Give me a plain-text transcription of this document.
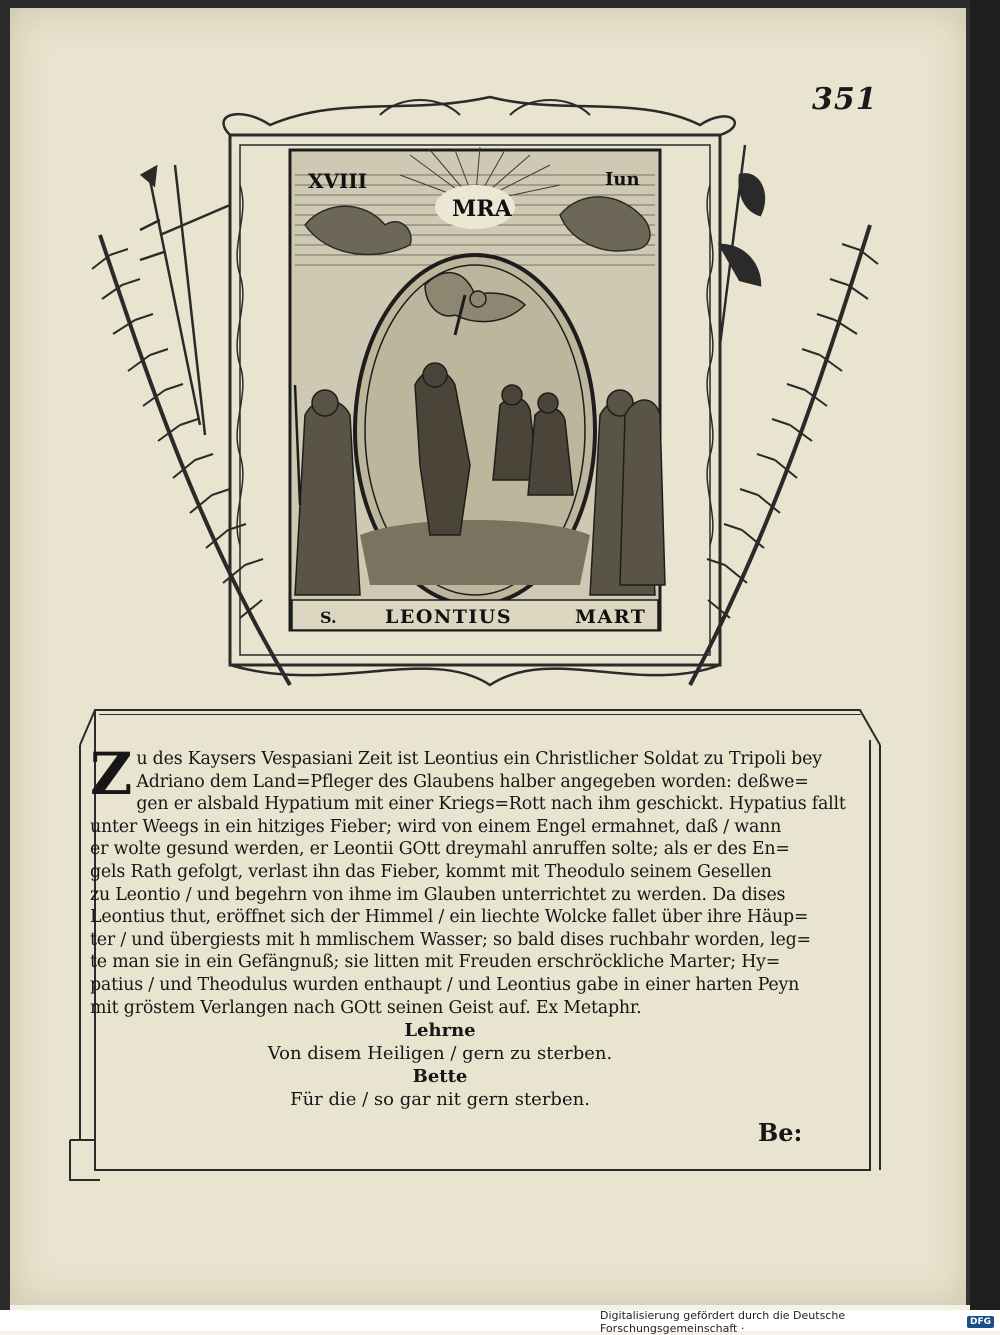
351
XVIII	Iun
MRA
S.	LEONTIUS	MART
Z u des Kaysers Vespasiani Zeit ist Leontius ein Christlicher Soldat zu Tripoli bey
Adriano dem Land=Pfleger des Glaubens halber angegeben worden: deßwe=
gen er alsbald Hypatium mit einer Kriegs=Rott nach ihm geschickt. Hypatius fallt
unter Weegs in ein hitziges Fieber; wird von einem Engel ermahnet, daß / wann
er wolte gesund werden, er Leontii GOtt dreymahl anruffen solte; als er des En=
gels Rath gefolgt, verlast ihn das Fieber, kommt mit Theodulo seinem Gesellen
zu Leontio / und begehrn von ihme im Glauben unterrichtet zu werden. Da dises
Leontius thut, eröffnet sich der Himmel / ein liechte Wolcke fallet über ihre Häup=
ter / und übergiests mit h mmlischem Wasser; so bald dises ruchbahr worden, leg=
te man sie in ein Gefängnuß; sie litten mit Freuden erschröckliche Marter; Hy=
patius / und Theodulus wurden enthaupt / und Leontius gabe in einer harten Peyn
mit gröstem Verlangen nach GOtt seinen Geist auf. Ex Metaphr.
Lehrne
Von disem Heiligen / gern zu sterben.
Bette
Für die / so gar nit gern sterben.
Be:
Digitalisierung gefördert durch die Deutsche Forschungsgemeinschaft ·	DFG
